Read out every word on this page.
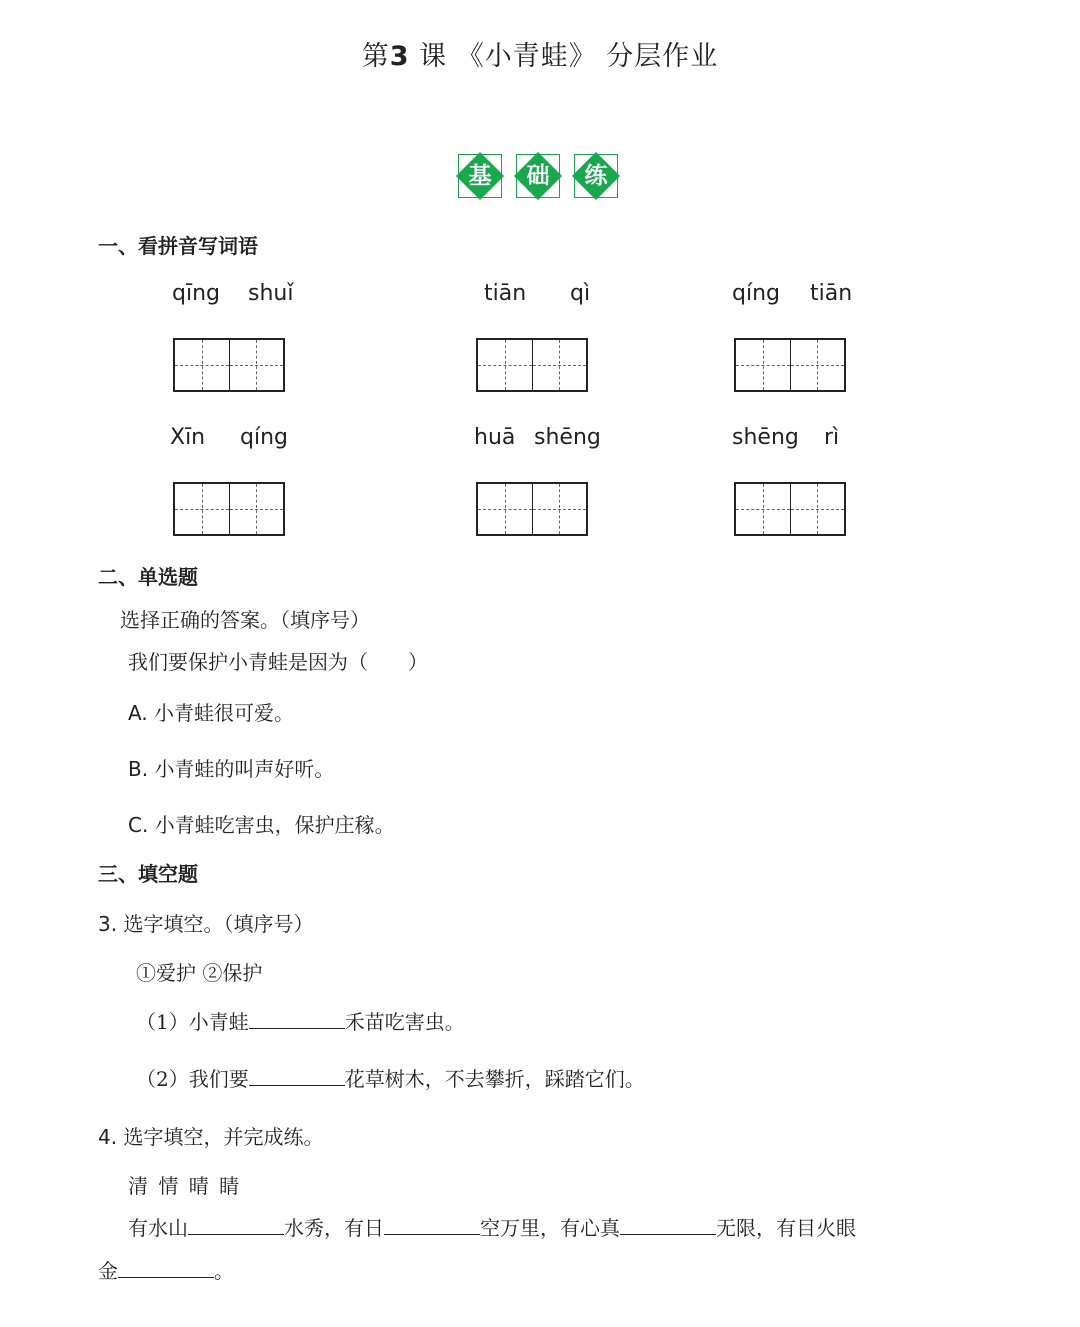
第3 课 《小青蛙》 分层作业
基	础	练
一、看拼音写词语
qīng shuǐ	tiān qì	qíng tiān
Xīn qíng	huā shēng	shēng rì
二、单选题
选择正确的答案。（填序号）
我们要保护小青蛙是因为（　　）
A. 小青蛙很可爱。
B. 小青蛙的叫声好听。
C. 小青蛙吃害虫，保护庄稼。
三、填空题
3. 选字填空。（填序号）
①爱护 ②保护
（1）小青蛙	禾苗吃害虫。
（2）我们要	花草树木，不去攀折，踩踏它们。
4. 选字填空，并完成练。
清 情 晴 睛
有水山	水秀，有日	空万里，有心真	无限，有目火眼
金	。
